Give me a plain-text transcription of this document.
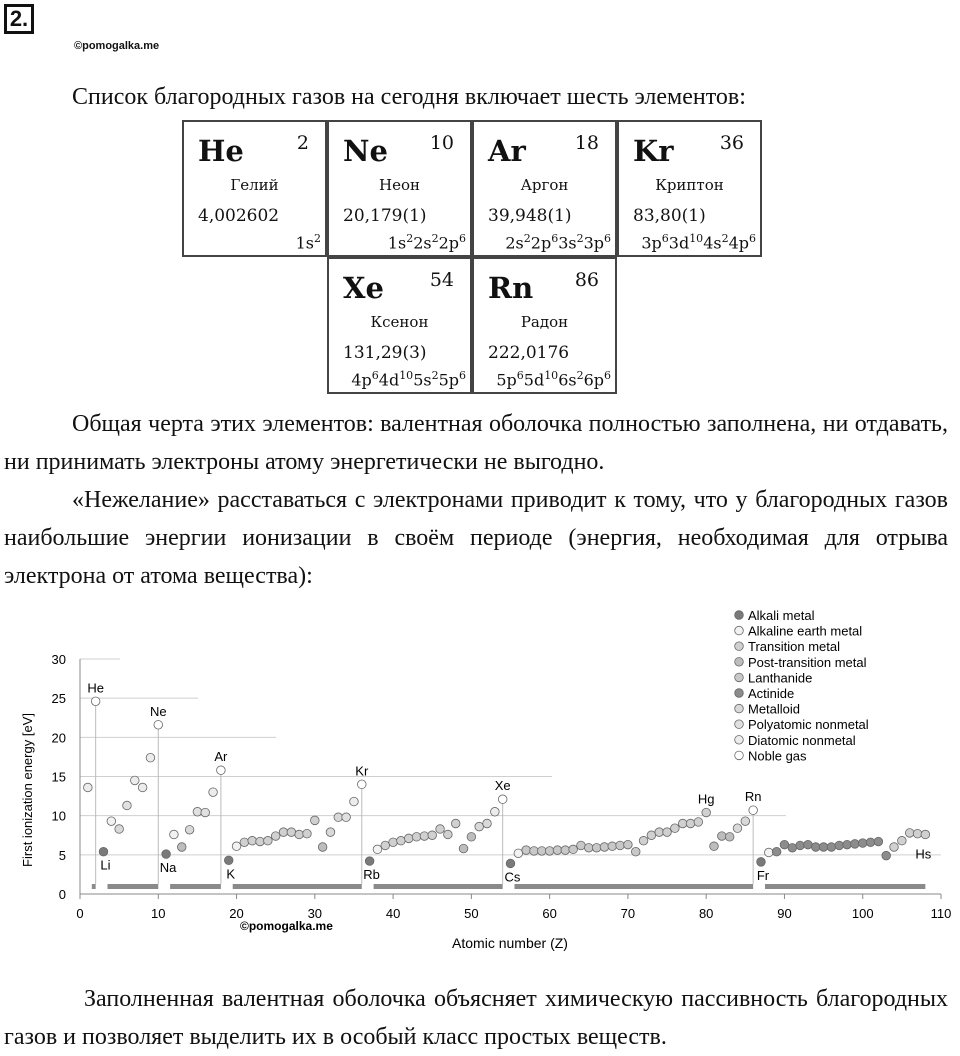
2.
©pomogalka.me
Список благородных газов на сегодня включает шесть элементов:
He	2
Гелий
4,002602
$1s^2$
Ne 10
Неон
20,179(1)
$1s^22s^22p^6$
Ar	18
Аргон
39,948(1)
$2s^22p^63s^23p^6$
Kr 36
Криптон
83,80(1)
$3p^63d^{10}4s^24p^6$
Xe 54
Ксенон
131,29(3)
$4p^64d^{10}5s^25p^6$
Rn 86
Радон
222,0176
$5p^65d^{10}6s^26p^6$
Общая черта этих элементов: валентная оболочка полностью заполнена, ни отдавать, ни принимать электроны атому энергетически не выгодно.
«Нежелание» расставаться с электронами приводит к тому, что у благородных газов наибольшие энергии ионизации в своём периоде (энергия, необходимая для отрыва электрона от атома вещества):
0
5
10
15
20
25
30
0	10	20	30	40	50	60	70	80	90	100	110
He
Ne
Ar
Kr
Xe
Rn
Hg
Li	Na	K	Rb	Cs	Fr
Hs
Alkali metal
Alkaline earth metal
Transition metal
Post-transition metal
Lanthanide
Actinide
Metalloid
Polyatomic nonmetal
Diatomic nonmetal
Noble gas
Atomic number (Z)
First ionization energy [eV]
©pomogalka.me
Заполненная валентная оболочка объясняет химическую пассивность благородных газов и позволяет выделить их в особый класс простых веществ.
